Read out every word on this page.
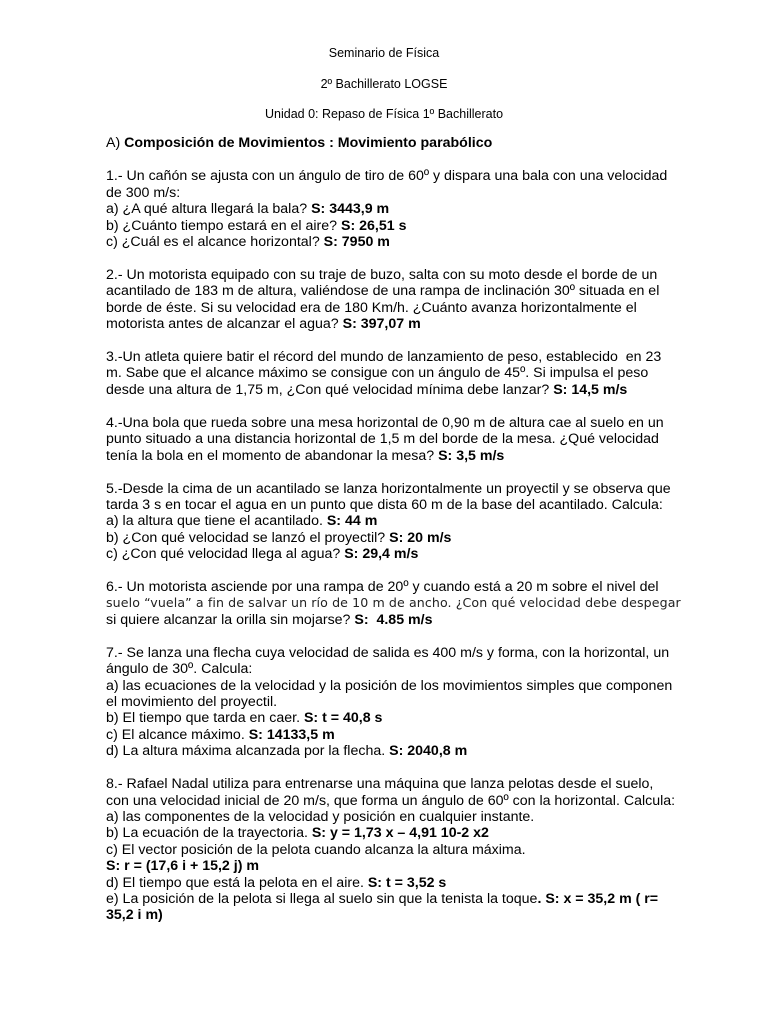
Seminario de Física
2º Bachillerato LOGSE
Unidad 0: Repaso de Física 1º Bachillerato
A) Composición de Movimientos : Movimiento parabólico
1.- Un cañón se ajusta con un ángulo de tiro de 60º y dispara una bala con una velocidad
de 300 m/s:
a) ¿A qué altura llegará la bala? S: 3443,9 m
b) ¿Cuánto tiempo estará en el aire? S: 26,51 s
c) ¿Cuál es el alcance horizontal? S: 7950 m
2.- Un motorista equipado con su traje de buzo, salta con su moto desde el borde de un
acantilado de 183 m de altura, valiéndose de una rampa de inclinación 30º situada en el
borde de éste. Si su velocidad era de 180 Km/h. ¿Cuánto avanza horizontalmente el
motorista antes de alcanzar el agua? S: 397,07 m
3.-Un atleta quiere batir el récord del mundo de lanzamiento de peso, establecido  en 23
m. Sabe que el alcance máximo se consigue con un ángulo de 45º. Si impulsa el peso
desde una altura de 1,75 m, ¿Con qué velocidad mínima debe lanzar? S: 14,5 m/s
4.-Una bola que rueda sobre una mesa horizontal de 0,90 m de altura cae al suelo en un
punto situado a una distancia horizontal de 1,5 m del borde de la mesa. ¿Qué velocidad
tenía la bola en el momento de abandonar la mesa? S: 3,5 m/s
5.-Desde la cima de un acantilado se lanza horizontalmente un proyectil y se observa que
tarda 3 s en tocar el agua en un punto que dista 60 m de la base del acantilado. Calcula:
a) la altura que tiene el acantilado. S: 44 m
b) ¿Con qué velocidad se lanzó el proyectil? S: 20 m/s
c) ¿Con qué velocidad llega al agua? S: 29,4 m/s
6.- Un motorista asciende por una rampa de 20º y cuando está a 20 m sobre el nivel del
suelo “vuela” a fin de salvar un río de 10 m de ancho. ¿Con qué velocidad debe despegar
si quiere alcanzar la orilla sin mojarse? S:  4.85 m/s
7.- Se lanza una flecha cuya velocidad de salida es 400 m/s y forma, con la horizontal, un
ángulo de 30º. Calcula:
a) las ecuaciones de la velocidad y la posición de los movimientos simples que componen
el movimiento del proyectil.
b) El tiempo que tarda en caer. S: t = 40,8 s
c) El alcance máximo. S: 14133,5 m
d) La altura máxima alcanzada por la flecha. S: 2040,8 m
8.- Rafael Nadal utiliza para entrenarse una máquina que lanza pelotas desde el suelo,
con una velocidad inicial de 20 m/s, que forma un ángulo de 60º con la horizontal. Calcula:
a) las componentes de la velocidad y posición en cualquier instante.
b) La ecuación de la trayectoria. S: y = 1,73 x – 4,91 10-2 x2
c) El vector posición de la pelota cuando alcanza la altura máxima.
S: r = (17,6 i + 15,2 j) m
d) El tiempo que está la pelota en el aire. S: t = 3,52 s
e) La posición de la pelota si llega al suelo sin que la tenista la toque. S: x = 35,2 m ( r=
35,2 i m)
